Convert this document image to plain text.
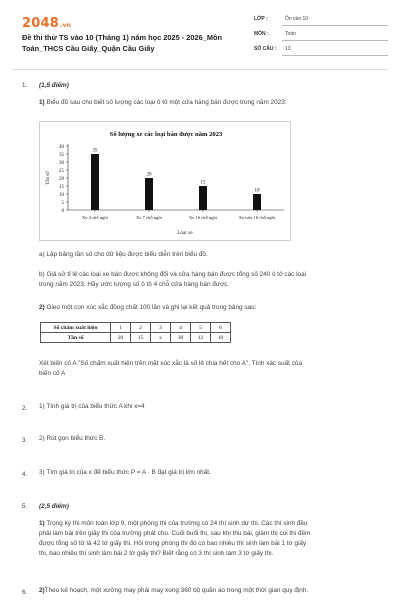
2048.vn
Đề thi thử TS vào 10 (Tháng 1) năm học 2025 - 2026_Môn Toán_THCS Cầu Giấy_Quận Cầu Giấy
LỚP :	Ôn vào 10
MÔN :	Toán
SỐ CÂU :	13
1. (1,5 điểm)
1) Biểu đồ sau cho biết số lượng các loại ô tô một cửa hàng bán được trong năm 2023:
Số lượng xe các loại bán được năm 2023
Tần số
Loại xe
0
5
10
15
20
25
30
35
40
Xe 4 chỗ ngồi	Xe 7 chỗ ngồi	Xe 16 chỗ ngồi	Xe trên 16 chỗ ngồi
35
20
15
10
a) Lập bảng tần số cho dữ liệu được biểu diễn trên biểu đồ.
b) Giả sử tỉ lệ các loại xe bán được không đổi và cửa hàng bán được tổng số 240 ô tô các loại
trong năm 2023. Hãy ước lượng số ô tô 4 chỗ cửa hàng bán được.
2) Gieo một con xúc xắc đồng chất 100 lần và ghi lại kết quả trong bảng sau:
Số chấm xuất hiện	1	2	3	4	5	6
Tần số	20	15	x	30	12	10
Xét biến cố A "Số chấm xuất hiện trên mặt xúc xắc là số lẻ chia hết cho A". Tính xác suất của
biến cố A
2. 1) Tính giá trị của biểu thức A khi x=4
3. 2) Rút gọn biểu thức B.
4. 3) Tìm giá trị của x để biểu thức P = A · B đạt giá trị lớn nhất.
5. (2,5 điểm)
1) Trong kỳ thi môn toán lớp 9, một phòng thi của trường có 24 thí sinh dự thi. Các thí sinh đều
phải làm bài trên giấy thi của trường phát cho. Cuối buổi thi, sau khi thu bài, giám thị coi thi đếm
được tổng số tờ là 42 tờ giấy thi. Hỏi trong phòng thi đó có bao nhiêu thí sinh làm bài 1 tờ giấy
thi, bao nhiêu thí sinh làm bài 2 tờ giấy thi? Biết rằng có 3 thí sinh làm 3 tờ giấy thi.
6. 2)Theo kế hoạch, một xưởng may phải may xong 360 bộ quần áo trong một thời gian quy định.
